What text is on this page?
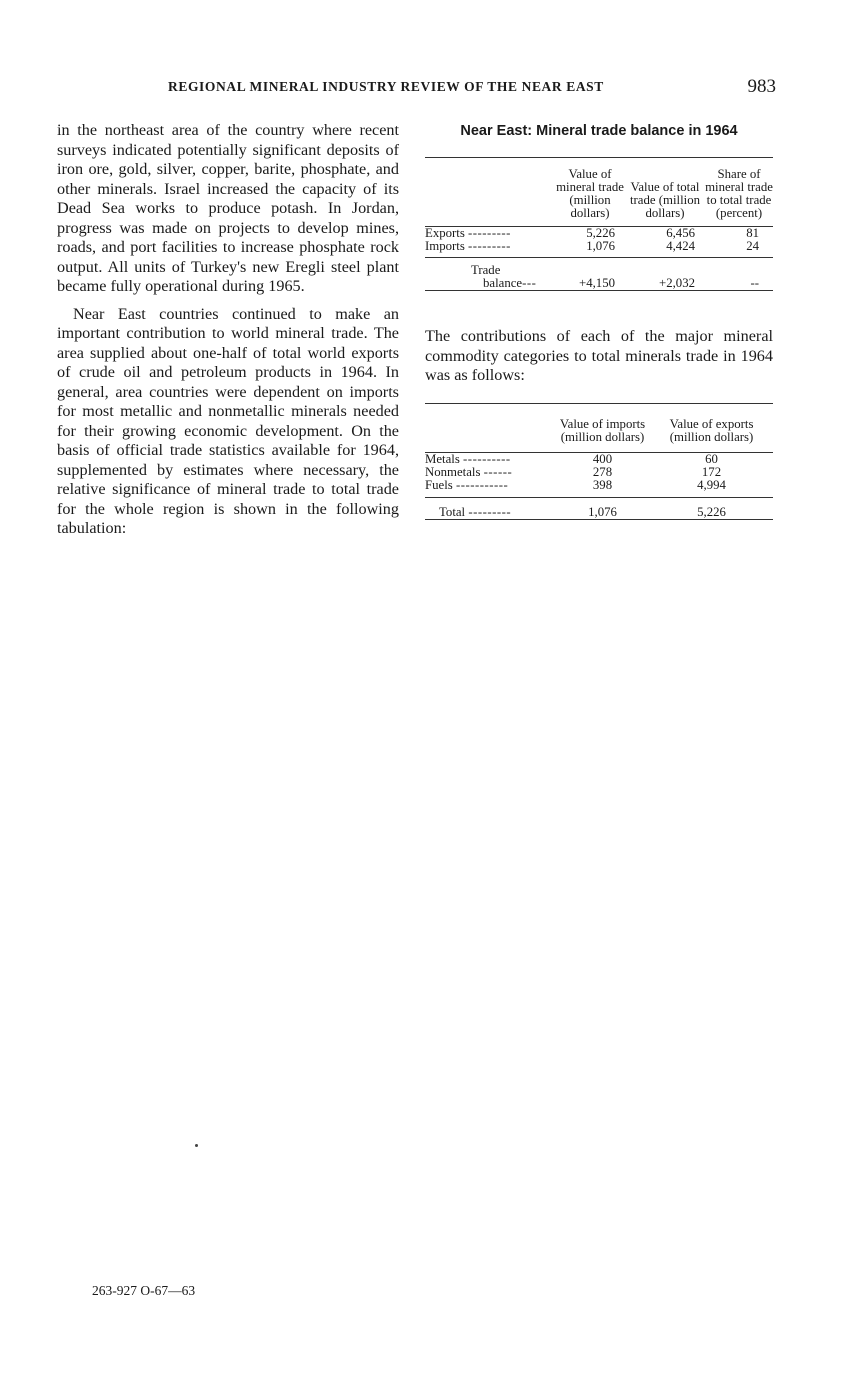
REGIONAL MINERAL INDUSTRY REVIEW OF THE NEAR EAST	983

in the northeast area of the country where recent surveys indicated potentially significant deposits of iron ore, gold, silver, copper, barite, phosphate, and other minerals. Israel increased the capacity of its Dead Sea works to produce potash. In Jordan, progress was made on projects to develop mines, roads, and port facilities to increase phosphate rock output. All units of Turkey's new Eregli steel plant became fully operational during 1965.

Near East countries continued to make an important contribution to world mineral trade. The area supplied about one-half of total world exports of crude oil and petroleum products in 1964. In general, area countries were dependent on imports for most metallic and nonmetallic minerals needed for their growing economic development. On the basis of official trade statistics available for 1964, supplemented by estimates where necessary, the relative significance of mineral trade to total trade for the whole region is shown in the following tabulation:

Near East: Mineral trade balance in 1964
	Value of mineral trade (million dollars)	Value of total trade (million dollars)	Share of mineral trade to total trade (percent)
Exports ---------	5,226	6,456	81
Imports ---------	1,076	4,424	24

Trade
balance---	+4,150	+2,032	--

The contributions of each of the major mineral commodity categories to total minerals trade in 1964 was as follows:

	Value of imports (million dollars)	Value of exports (million dollars)
Metals ----------	400	60
Nonmetals ------	278	172
Fuels -----------	398	4,994
Total ---------	1,076	5,226
263-927 O-67—63
